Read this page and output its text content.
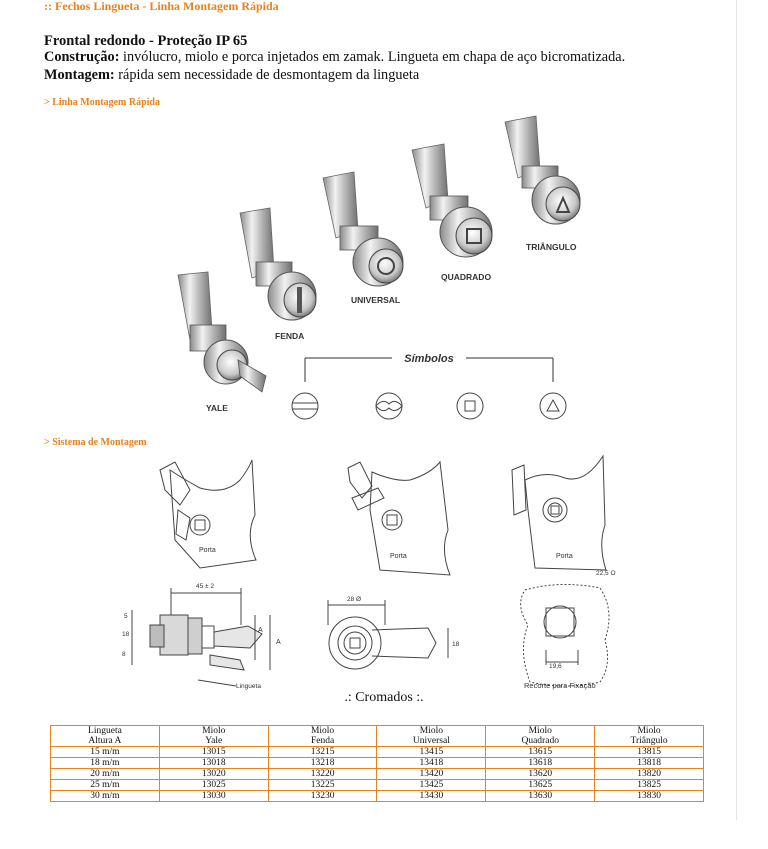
:: Fechos Lingueta - Linha Montagem Rápida
Frontal redondo - Proteção IP 65
Construção: invólucro, miolo e porca injetados em zamak. Lingueta em chapa de aço bicromatizada.
Montagem: rápida sem necessidade de desmontagem da lingueta
> Linha Montagem Rápida
YALE
FENDA
UNIVERSAL
QUADRADO
TRIÂNGULO
Símbolos
> Sistema de Montagem
45 ± 2
A
A
5
18
8
Lingueta
28 Ø
18
22,5 O
19,6
Recorte para Fixação
Porta
Porta	Porta
.: Cromados :.
Lingueta	Miolo	Miolo	Miolo	Miolo	Miolo
Altura A	Yale	Fenda	Universal	Quadrado	Triângulo
15 m/m	13015	13215	13415	13615	13815
18 m/m	13018	13218	13418	13618	13818
20 m/m	13020	13220	13420	13620	13820
25 m/m	13025	13225	13425	13625	13825
30 m/m	13030	13230	13430	13630	13830
